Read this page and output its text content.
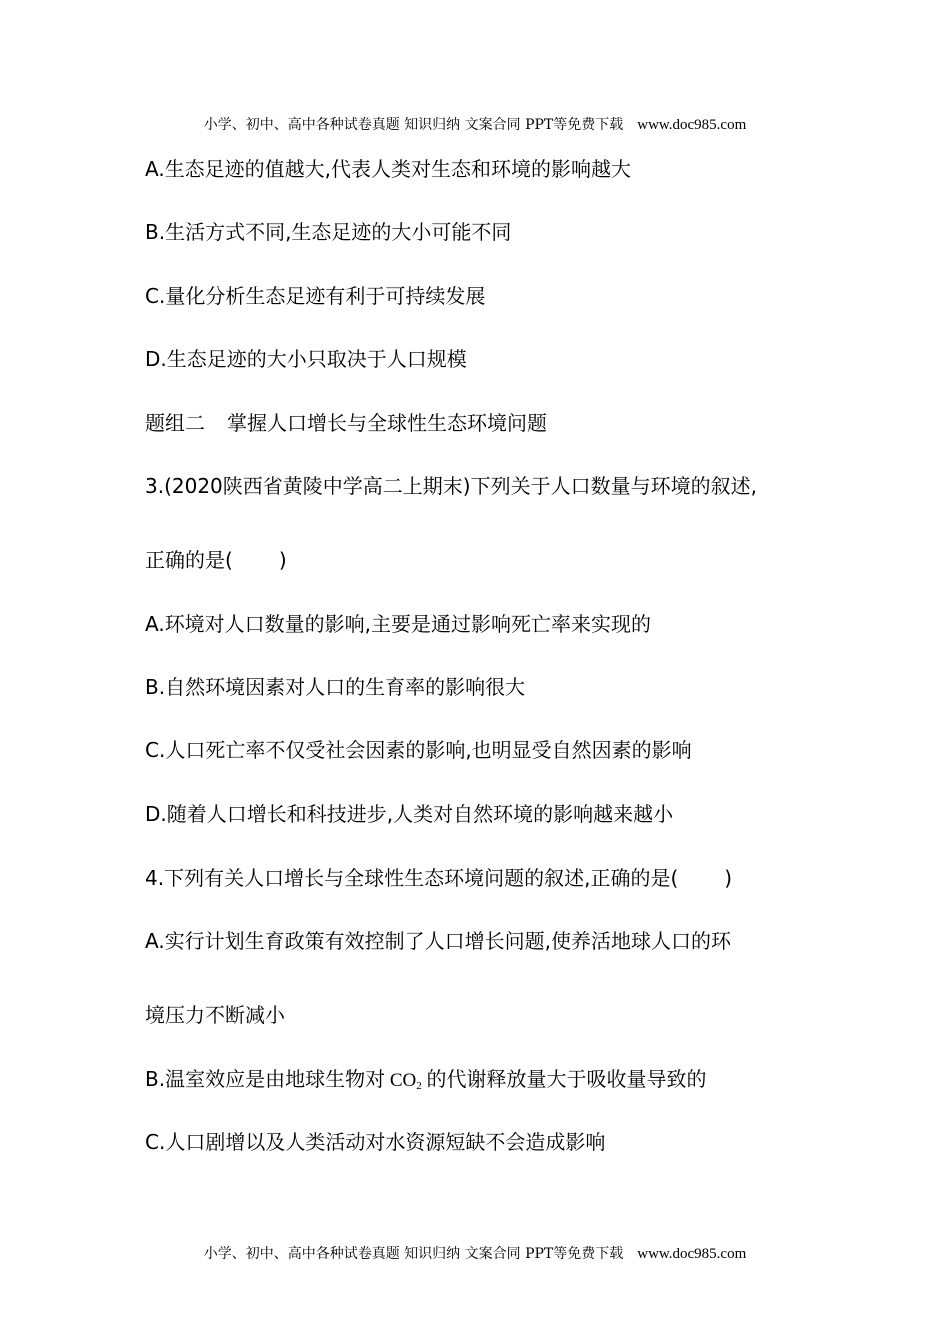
小学、初中、高中各种试卷真题 知识归纳 文案合同 PPT等免费下载 www.doc985.com
A.生态足迹的值越大,代表人类对生态和环境的影响越大
B.生活方式不同,生态足迹的大小可能不同
C.量化分析生态足迹有利于可持续发展
D.生态足迹的大小只取决于人口规模
题组二 掌握人口增长与全球性生态环境问题
3.(2020陕西省黄陵中学高二上期末)下列关于人口数量与环境的叙述,
正确的是( )
A.环境对人口数量的影响,主要是通过影响死亡率来实现的
B.自然环境因素对人口的生育率的影响很大
C.人口死亡率不仅受社会因素的影响,也明显受自然因素的影响
D.随着人口增长和科技进步,人类对自然环境的影响越来越小
4.下列有关人口增长与全球性生态环境问题的叙述,正确的是( )
A.实行计划生育政策有效控制了人口增长问题,使养活地球人口的环
境压力不断减小
B.温室效应是由地球生物对 $CO_2$ 的代谢释放量大于吸收量导致的
C.人口剧增以及人类活动对水资源短缺不会造成影响
小学、初中、高中各种试卷真题 知识归纳 文案合同 PPT等免费下载 www.doc985.com
